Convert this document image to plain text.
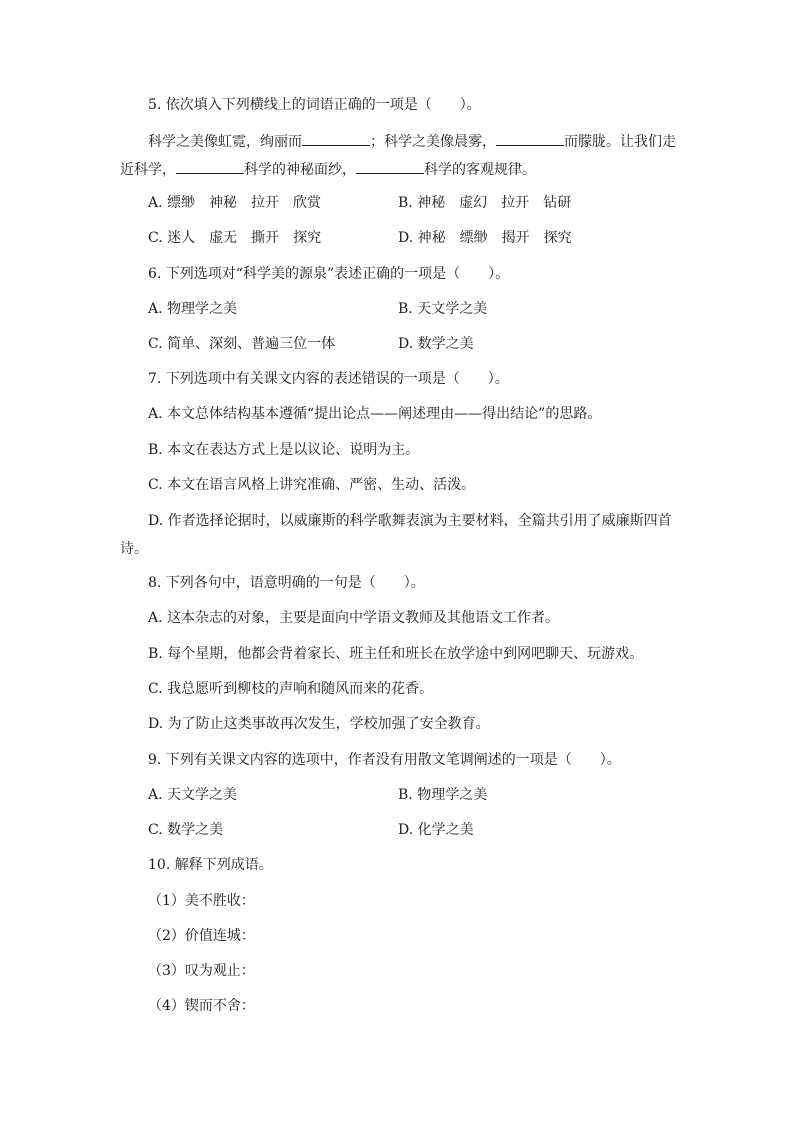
5. 依次填入下列横线上的词语正确的一项是（　　）。
科学之美像虹霓，绚丽而	；科学之美像晨雾，	而朦胧。让我们走
近科学，	科学的神秘面纱，	科学的客观规律。
A. 缥缈　神秘　拉开　欣赏	B. 神秘　虚幻　拉开　钻研
C. 迷人　虚无　撕开　探究	D. 神秘　缥缈　揭开　探究
6. 下列选项对“科学美的源泉”表述正确的一项是（　　）。
A. 物理学之美	B. 天文学之美
C. 简单、深刻、普遍三位一体	D. 数学之美
7. 下列选项中有关课文内容的表述错误的一项是（　　）。
A. 本文总体结构基本遵循“提出论点——阐述理由——得出结论”的思路。
B. 本文在表达方式上是以议论、说明为主。
C. 本文在语言风格上讲究准确、严密、生动、活泼。
D. 作者选择论据时，以威廉斯的科学歌舞表演为主要材料，全篇共引用了威廉斯四首
诗。
8. 下列各句中，语意明确的一句是（　　）。
A. 这本杂志的对象，主要是面向中学语文教师及其他语文工作者。
B. 每个星期，他都会背着家长、班主任和班长在放学途中到网吧聊天、玩游戏。
C. 我总愿听到柳枝的声响和随风而来的花香。
D. 为了防止这类事故再次发生，学校加强了安全教育。
9. 下列有关课文内容的选项中，作者没有用散文笔调阐述的一项是（　　）。
A. 天文学之美	B. 物理学之美
C. 数学之美	D. 化学之美
10. 解释下列成语。
（1）美不胜收：
（2）价值连城：
（3）叹为观止：
（4）锲而不舍：
